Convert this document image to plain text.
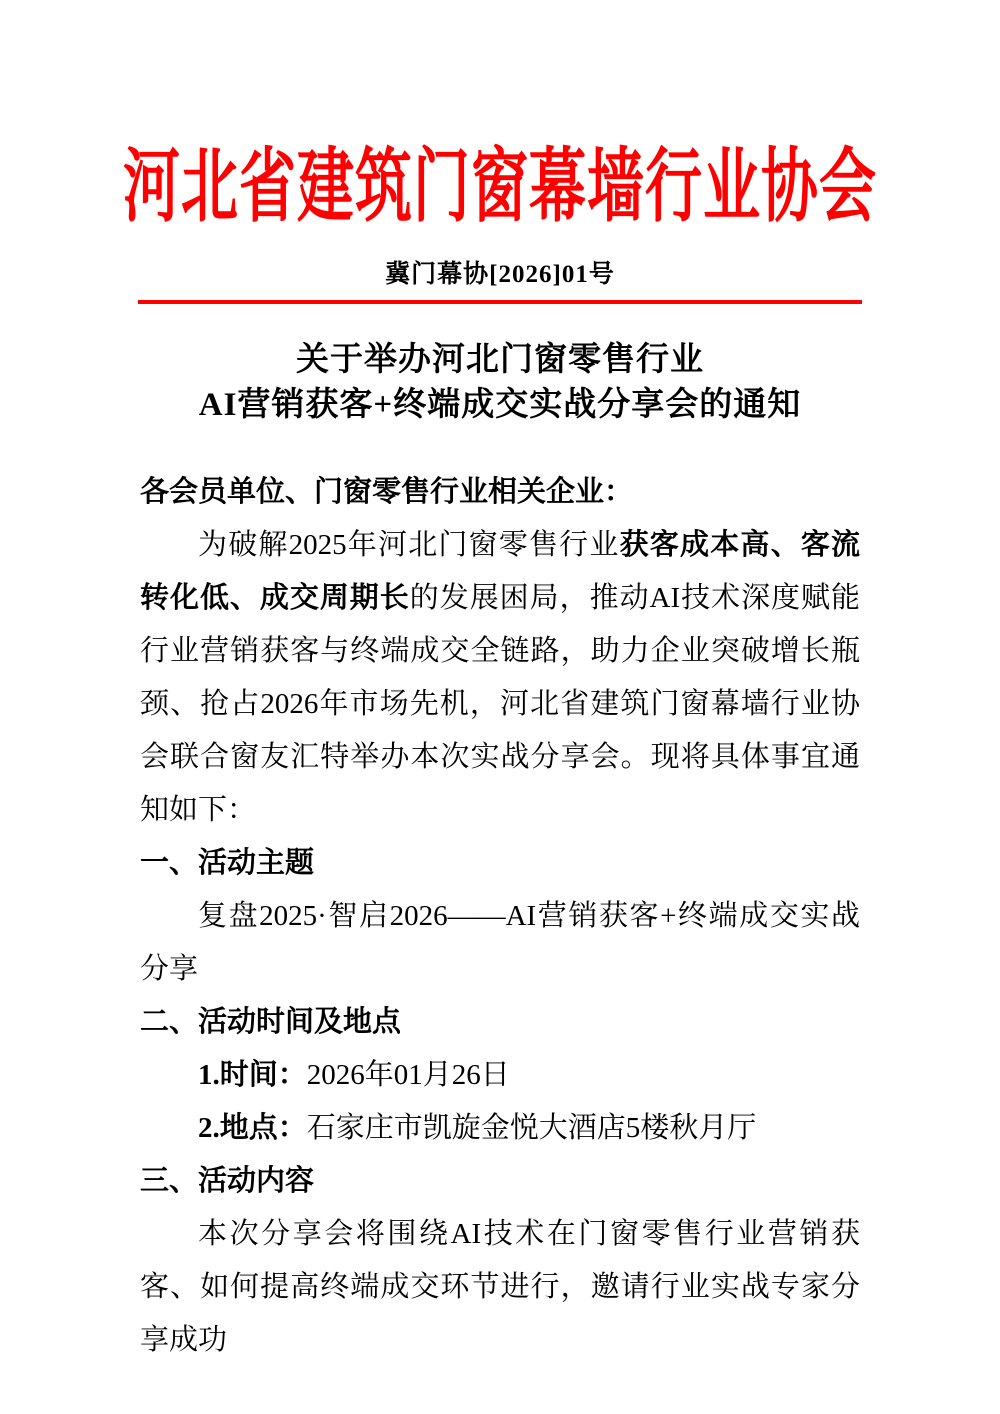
河北省建筑门窗幕墙行业协会
冀门幕协[2026]01号
关于举办河北门窗零售行业
AI营销获客+终端成交实战分享会的通知

各会员单位、门窗零售行业相关企业：

为破解2025年河北门窗零售行业获客成本高、客流转化低、成交周期长的发展困局，推动AI技术深度赋能行业营销获客与终端成交全链路，助力企业突破增长瓶颈、抢占2026年市场先机，河北省建筑门窗幕墙行业协会联合窗友汇特举办本次实战分享会。现将具体事宜通知如下：

一、活动主题

复盘2025·智启2026——AI营销获客+终端成交实战分享

二、活动时间及地点

1.时间：2026年01月26日

2.地点：石家庄市凯旋金悦大酒店5楼秋月厅

三、活动内容

本次分享会将围绕AI技术在门窗零售行业营销获客、如何提高终端成交环节进行，邀请行业实战专家分享成功
